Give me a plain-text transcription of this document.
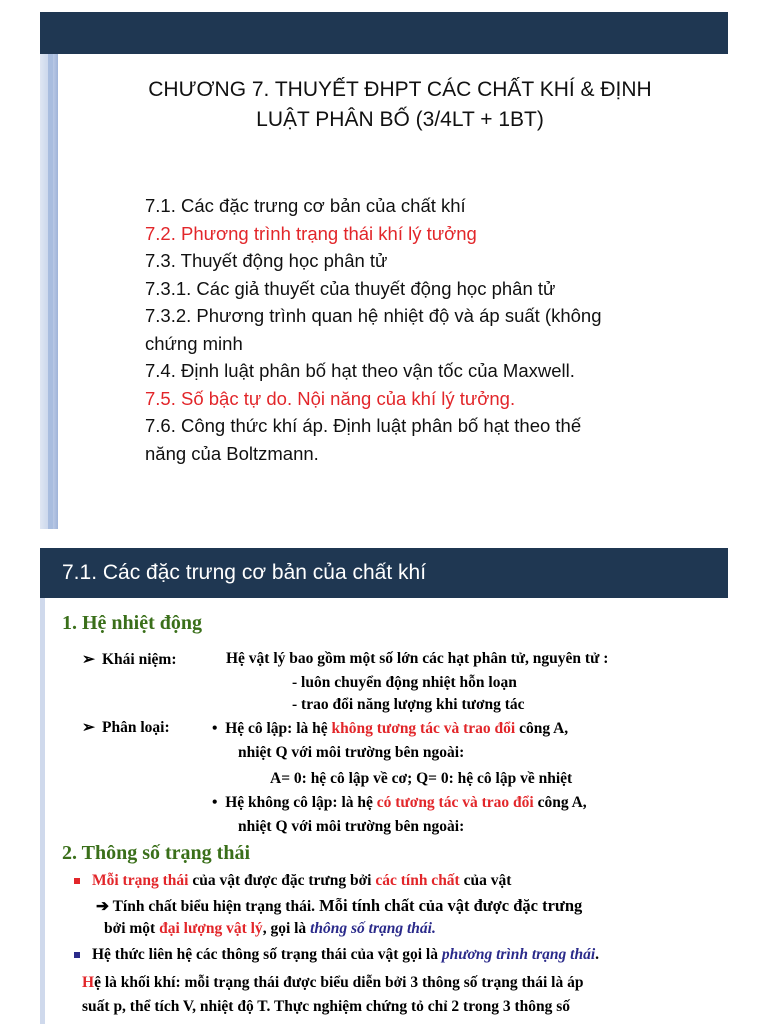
CHƯƠNG 7. THUYẾT ĐHPT CÁC CHẤT KHÍ & ĐỊNH
LUẬT PHÂN BỐ (3/4LT + 1BT)
7.1. Các đặc trưng cơ bản của chất khí
7.2. Phương trình trạng thái khí lý tưởng
7.3. Thuyết động học phân tử
7.3.1. Các giả thuyết của thuyết động học phân tử
7.3.2. Phương trình quan hệ nhiệt độ và áp suất (không
chứng minh
7.4. Định luật phân bố hạt theo vận tốc của Maxwell.
7.5. Số bậc tự do. Nội năng của khí lý tưởng.
7.6. Công thức khí áp. Định luật phân bố hạt theo thế
năng của Boltzmann.
7.1. Các đặc trưng cơ bản của chất khí
1. Hệ nhiệt động
➢ Khái niệm:	Hệ vật lý bao gồm một số lớn các hạt phân tử, nguyên tử :
- luôn chuyển động nhiệt hỗn loạn
- trao đổi năng lượng khi tương tác
➢ Phân loại:	•  Hệ cô lập: là hệ không tương tác và trao đổi công A,
nhiệt Q với môi trường bên ngoài:
A= 0: hệ cô lập về cơ; Q= 0: hệ cô lập về nhiệt
•  Hệ không cô lập: là hệ có tương tác và trao đổi công A,
nhiệt Q với môi trường bên ngoài:
2. Thông số trạng thái
Mỗi trạng thái của vật được đặc trưng bởi các tính chất của vật
➔ Tính chất biểu hiện trạng thái. Mỗi tính chất của vật được đặc trưng
bởi một đại lượng vật lý, gọi là thông số trạng thái.
Hệ thức liên hệ các thông số trạng thái của vật gọi là phương trình trạng thái.
Hệ là khối khí: mỗi trạng thái được biểu diễn bởi 3 thông số trạng thái là áp
suất p, thể tích V, nhiệt độ T. Thực nghiệm chứng tỏ chỉ 2 trong 3 thông số
